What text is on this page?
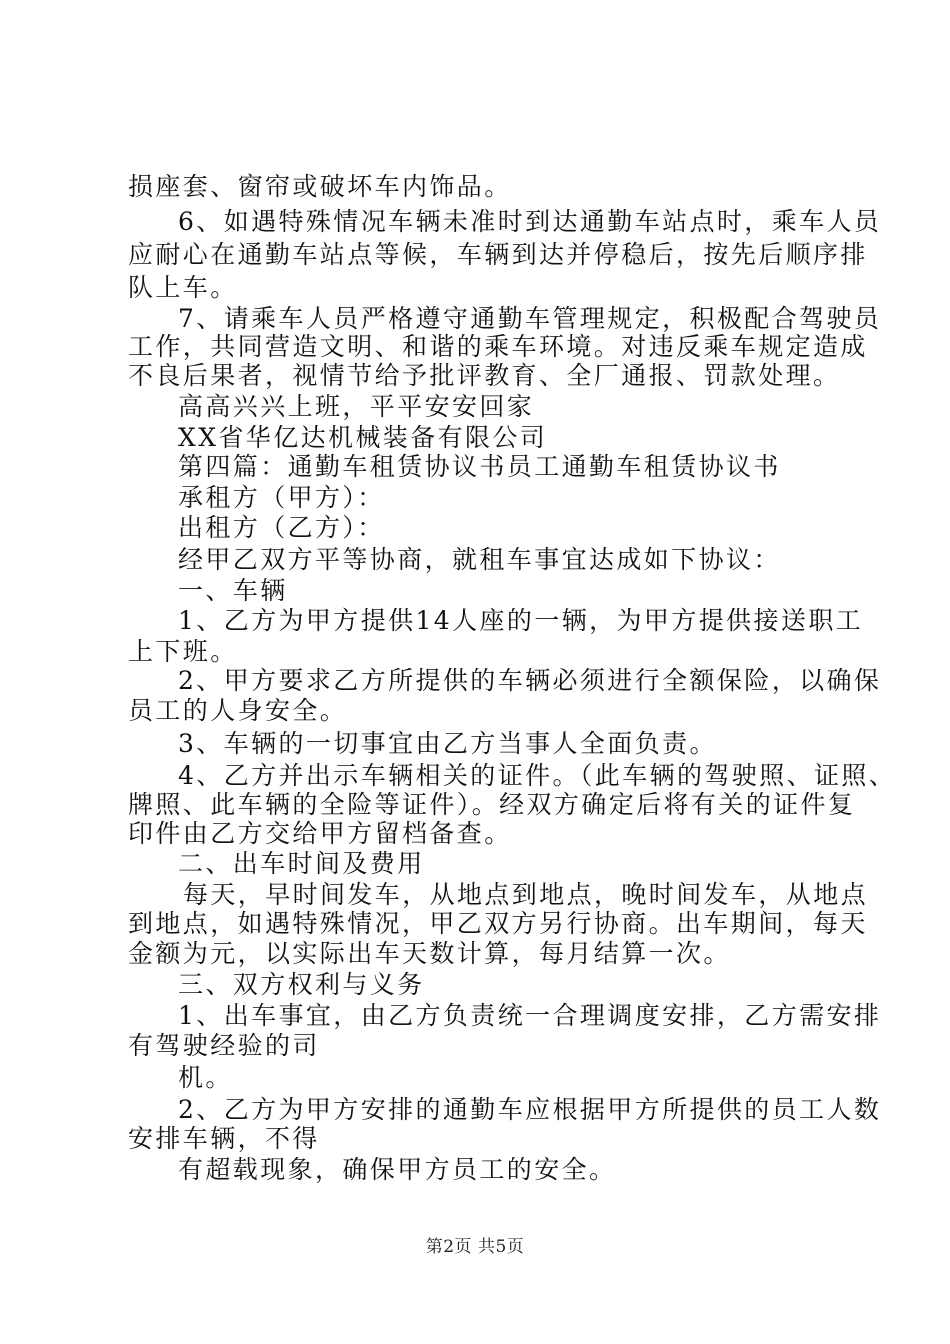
损座套、窗帘或破坏车内饰品。
6、如遇特殊情况车辆未准时到达通勤车站点时，乘车人员
应耐心在通勤车站点等候，车辆到达并停稳后，按先后顺序排
队上车。
7、请乘车人员严格遵守通勤车管理规定，积极配合驾驶员
工作，共同营造文明、和谐的乘车环境。对违反乘车规定造成
不良后果者，视情节给予批评教育、全厂通报、罚款处理。
高高兴兴上班，平平安安回家
XX省华亿达机械装备有限公司
第四篇：通勤车租赁协议书员工通勤车租赁协议书
承租方（甲方）：
出租方（乙方）：
经甲乙双方平等协商，就租车事宜达成如下协议：
一、车辆
1、乙方为甲方提供14人座的一辆，为甲方提供接送职工
上下班。
2、甲方要求乙方所提供的车辆必须进行全额保险，以确保
员工的人身安全。
3、车辆的一切事宜由乙方当事人全面负责。
4、乙方并出示车辆相关的证件。（此车辆的驾驶照、证照、
牌照、此车辆的全险等证件）。经双方确定后将有关的证件复
印件由乙方交给甲方留档备查。
二、出车时间及费用
每天，早时间发车，从地点到地点，晚时间发车，从地点
到地点，如遇特殊情况，甲乙双方另行协商。出车期间，每天
金额为元，以实际出车天数计算，每月结算一次。
三、双方权利与义务
1、出车事宜，由乙方负责统一合理调度安排，乙方需安排
有驾驶经验的司
机。
2、乙方为甲方安排的通勤车应根据甲方所提供的员工人数
安排车辆，不得
有超载现象，确保甲方员工的安全。
第2页 共5页
